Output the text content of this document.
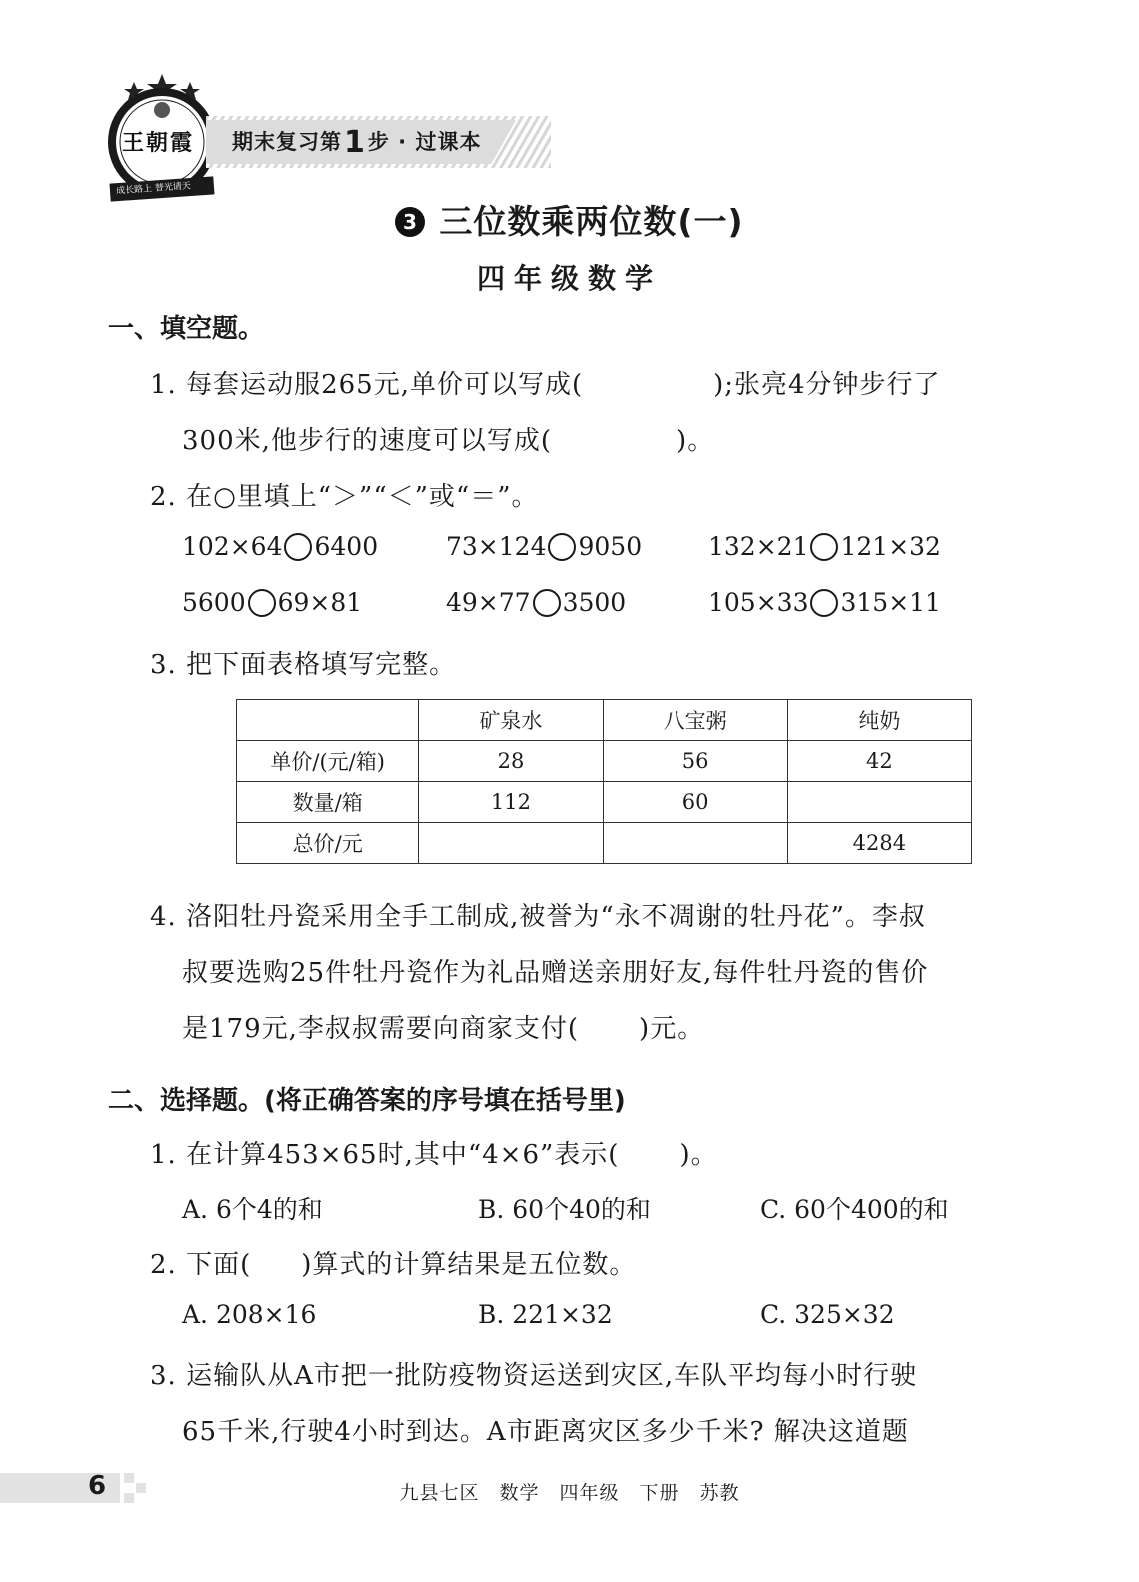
王朝霞
成长路上 替光请天
期末复习第1步 · 过课本
3 三位数乘两位数(一)
四年级数学
一、填空题。
1. 每套运动服265元,单价可以写成(	);张亮4分钟步行了
300米,他步行的速度可以写成(	)。
2. 在○里填上“＞”“＜”或“＝”。
102×64 6400	73×124 9050	132×21 121×32
5600 69×81	49×77 3500	105×33 315×11
3. 把下面表格填写完整。
	矿泉水	八宝粥	纯奶
单价/(元/箱)	28	56	42
数量/箱	112	60	
总价/元			4284
4. 洛阳牡丹瓷采用全手工制成,被誉为“永不凋谢的牡丹花”。李叔
叔要选购25件牡丹瓷作为礼品赠送亲朋好友,每件牡丹瓷的售价
是179元,李叔叔需要向商家支付( )元。
二、选择题。(将正确答案的序号填在括号里)
1. 在计算453×65时,其中“4×6”表示( )。
A. 6个4的和	B. 60个40的和	C. 60个400的和
2. 下面( )算式的计算结果是五位数。
A. 208×16	B. 221×32	C. 325×32
3. 运输队从A市把一批防疫物资运送到灾区,车队平均每小时行驶
65千米,行驶4小时到达。A市距离灾区多少千米? 解决这道题
6	九县七区 数学 四年级 下册 苏教
